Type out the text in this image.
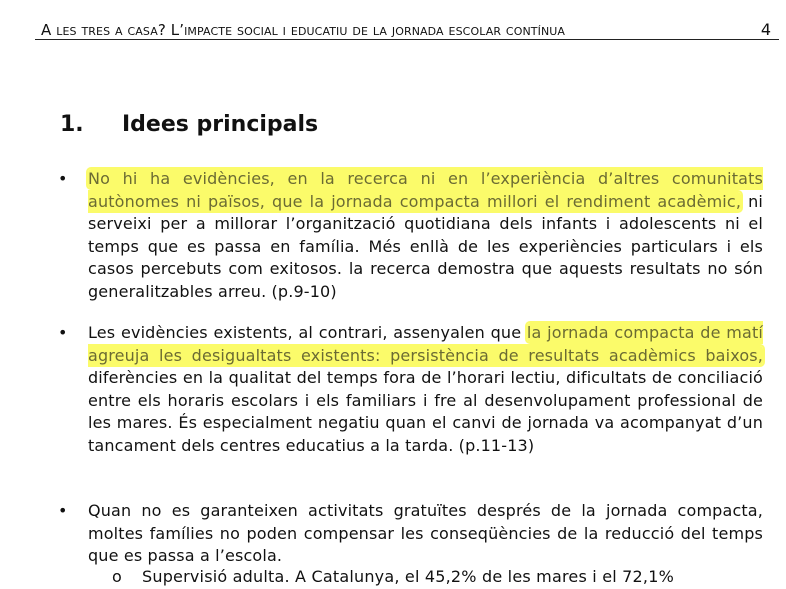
A les tres a casa? L’impacte social i educatiu de la jornada escolar contínua	4
1. Idees principals
• No hi ha evidències, en la recerca ni en l’experiència d’altres comunitats autònomes ni països, que la jornada compacta millori el rendiment acadèmic, ni serveixi per a millorar l’organització quotidiana dels infants i adolescents ni el temps que es passa en família. Més enllà de les experiències particulars i els casos percebuts com exitosos. la recerca demostra que aquests resultats no són generalitzables arreu. (p.9-10)
• Les evidències existents, al contrari, assenyalen que la jornada compacta de matí agreuja les desigualtats existents: persistència de resultats acadèmics baixos, diferències en la qualitat del temps fora de l’horari lectiu, dificultats de conciliació entre els horaris escolars i els familiars i fre al desenvolupament professional de les mares. És especialment negatiu quan el canvi de jornada va acompanyat d’un tancament dels centres educatius a la tarda. (p.11-13)
• Quan no es garanteixen activitats gratuïtes després de la jornada compacta, moltes famílies no poden compensar les conseqüències de la reducció del temps que es passa a l’escola.
o Supervisió adulta. A Catalunya, el 45,2% de les mares i el 72,1%
